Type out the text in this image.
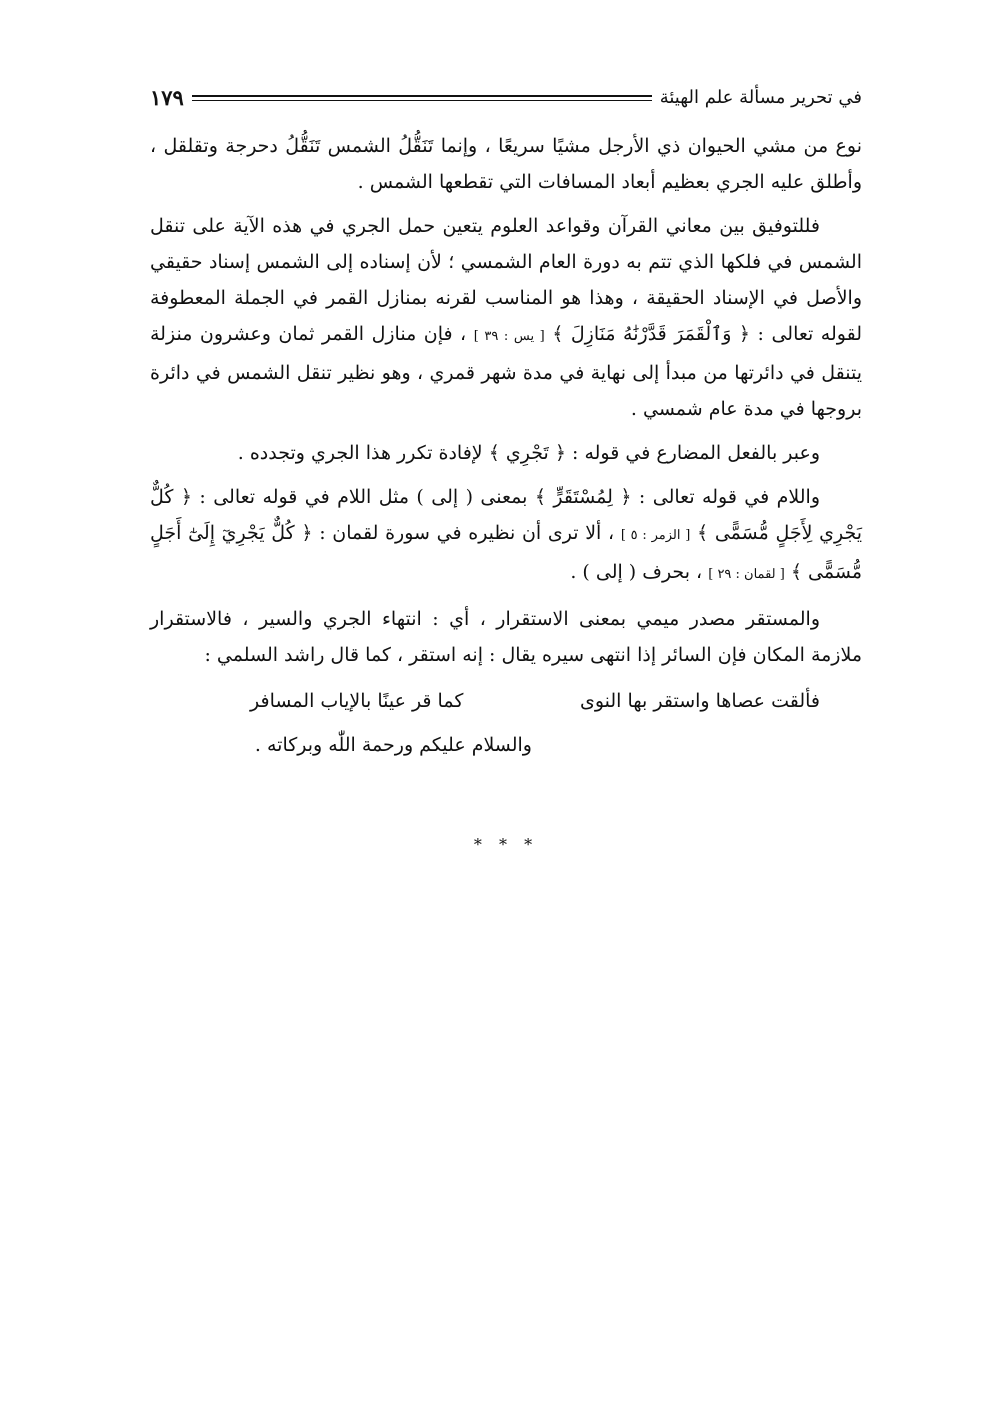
في تحرير مسألة علم الهيئة
١٧٩

نوع من مشي الحيوان ذي الأرجل مشيًا سريعًا ، وإنما تَنَقُّلُ الشمس تَنَقُّلُ دحرجة وتقلقل ، وأطلق عليه الجري بعظيم أبعاد المسافات التي تقطعها الشمس .

فللتوفيق بين معاني القرآن وقواعد العلوم يتعين حمل الجري في هذه الآية على تنقل الشمس في فلكها الذي تتم به دورة العام الشمسي ؛ لأن إسناده إلى الشمس إسناد حقيقي والأصل في الإسناد الحقيقة ، وهذا هو المناسب لقرنه بمنازل القمر في الجملة المعطوفة لقوله تعالى : ﴿ وَٱلْقَمَرَ قَدَّرْنَٰهُ مَنَازِلَ ﴾ [ يس : ٣٩ ] ، فإن منازل القمر ثمان وعشرون منزلة يتنقل في دائرتها من مبدأ إلى نهاية في مدة شهر قمري ، وهو نظير تنقل الشمس في دائرة بروجها في مدة عام شمسي .

وعبر بالفعل المضارع في قوله : ﴿ تَجْرِي ﴾ لإفادة تكرر هذا الجري وتجدده .

واللام في قوله تعالى : ﴿ لِمُسْتَقَرٍّ ﴾ بمعنى ( إلى ) مثل اللام في قوله تعالى : ﴿ كُلٌّ يَجْرِي لِأَجَلٍ مُّسَمًّى ﴾ [ الزمر : ٥ ] ، ألا ترى أن نظيره في سورة لقمان : ﴿ كُلٌّ يَجْرِيٓ إِلَىٰٓ أَجَلٍ مُّسَمًّى ﴾ [ لقمان : ٢٩ ] ، بحرف ( إلى ) .

والمستقر مصدر ميمي بمعنى الاستقرار ، أي : انتهاء الجري والسير ، فالاستقرار ملازمة المكان فإن السائر إذا انتهى سيره يقال : إنه استقر ، كما قال راشد السلمي :

فألقت عصاها واستقر بها النوى
كما قر عينًا بالإياب المسافر
والسلام عليكم ورحمة اللّٰه وبركاته .
* * *
